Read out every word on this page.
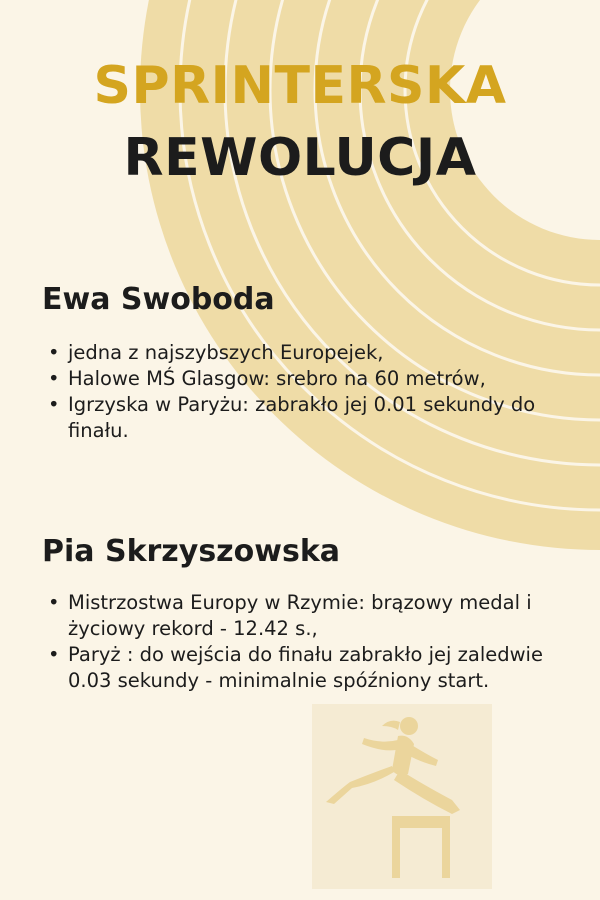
SPRINTERSKA
REWOLUCJA
Ewa Swoboda
• jedna z najszybszych Europejek,
• Halowe MŚ Glasgow: srebro na 60 metrów,
• Igrzyska w Paryżu: zabrakło jej 0.01 sekundy do finału.
Pia Skrzyszowska
• Mistrzostwa Europy w Rzymie: brązowy medal i życiowy rekord - 12.42 s.,
• Paryż : do wejścia do finału zabrakło jej zaledwie 0.03 sekundy - minimalnie spóźniony start.
